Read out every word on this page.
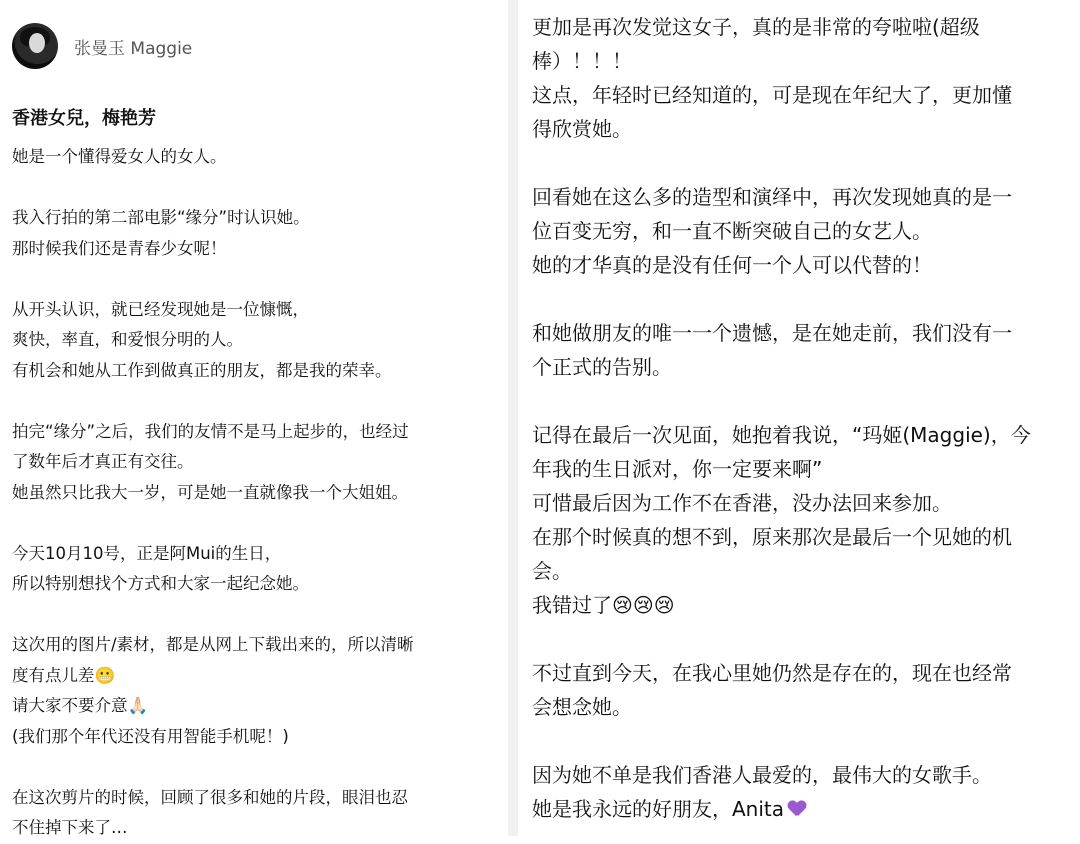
张曼玉 Maggie
香港女兒，梅艳芳
她是一个懂得爱女人的女人。
我入行拍的第二部电影“缘分”时认识她。
那时候我们还是青春少女呢！
从开头认识，就已经发现她是一位慷慨，
爽快，率直，和爱恨分明的人。
有机会和她从工作到做真正的朋友，都是我的荣幸。
拍完“缘分”之后，我们的友情不是马上起步的，也经过
了数年后才真正有交往。
她虽然只比我大一岁，可是她一直就像我一个大姐姐。
今天10月10号，正是阿Mui的生日，
所以特别想找个方式和大家一起纪念她。
这次用的图片/素材，都是从网上下载出来的，所以清晰
度有点儿差😬
请大家不要介意🙏🏻
(我们那个年代还没有用智能手机呢！)
在这次剪片的时候，回顾了很多和她的片段，眼泪也忍
不住掉下来了…
更加是再次发觉这女子，真的是非常的夸啦啦(超级
棒）！！！
这点，年轻时已经知道的，可是现在年纪大了，更加懂
得欣赏她。
回看她在这么多的造型和演绎中，再次发现她真的是一
位百变无穷，和一直不断突破自己的女艺人。
她的才华真的是没有任何一个人可以代替的！
和她做朋友的唯一一个遗憾，是在她走前，我们没有一
个正式的告别。
记得在最后一次见面，她抱着我说，“玛姬(Maggie)，今
年我的生日派对，你一定要来啊”
可惜最后因为工作不在香港，没办法回来参加。
在那个时候真的想不到，原来那次是最后一个见她的机
会。
我错过了😢😢😢
不过直到今天，在我心里她仍然是存在的，现在也经常
会想念她。
因为她不单是我们香港人最爱的，最伟大的女歌手。
她是我永远的好朋友，Anita
